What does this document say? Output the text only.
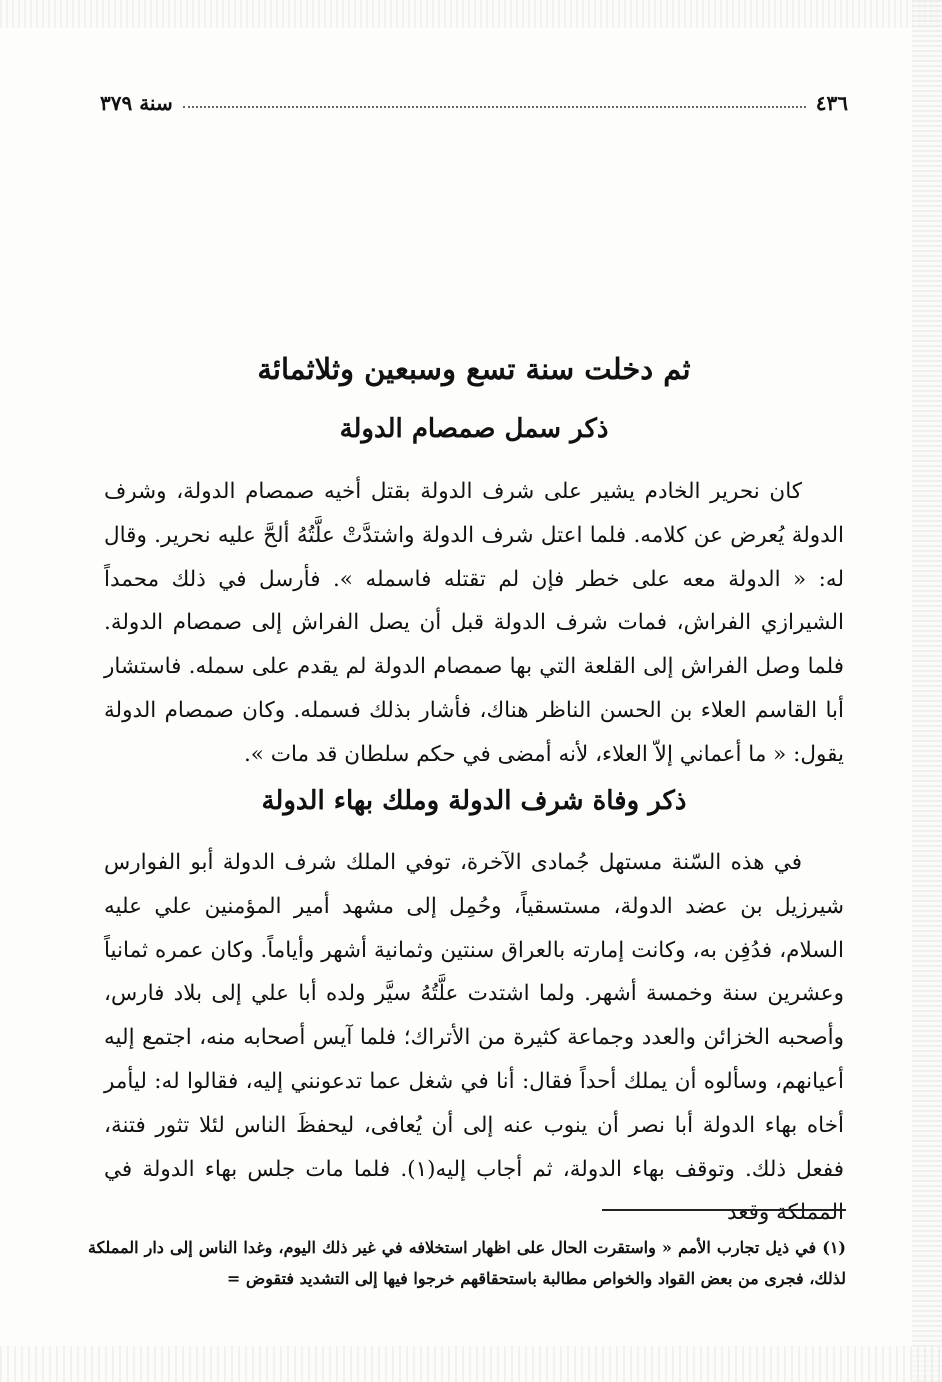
٤٣٦
سنة ٣٧٩
ثم دخلت سنة تسع وسبعين وثلاثمائة
ذكر سمل صمصام الدولة

كان نحرير الخادم يشير على شرف الدولة بقتل أخيه صمصام الدولة، وشرف الدولة يُعرض عن كلامه. فلما اعتل شرف الدولة واشتدَّتْ علَّتُهُ ألحَّ عليه نحرير. وقال له: « الدولة معه على خطر فإن لم تقتله فاسمله ». فأرسل في ذلك محمداً الشيرازي الفراش، فمات شرف الدولة قبل أن يصل الفراش إلى صمصام الدولة. فلما وصل الفراش إلى القلعة التي بها صمصام الدولة لم يقدم على سمله. فاستشار أبا القاسم العلاء بن الحسن الناظر هناك، فأشار بذلك فسمله. وكان صمصام الدولة يقول: « ما أعماني إلاّ العلاء، لأنه أمضى في حكم سلطان قد مات ».

ذكر وفاة شرف الدولة وملك بهاء الدولة

في هذه السّنة مستهل جُمادى الآخرة، توفي الملك شرف الدولة أبو الفوارس شيرزيل بن عضد الدولة، مستسقياً، وحُمِل إلى مشهد أمير المؤمنين علي عليه السلام، فدُفِن به، وكانت إمارته بالعراق سنتين وثمانية أشهر وأياماً. وكان عمره ثمانياً وعشرين سنة وخمسة أشهر. ولما اشتدت علَّتُهُ سيَّر ولده أبا علي إلى بلاد فارس، وأصحبه الخزائن والعدد وجماعة كثيرة من الأتراك؛ فلما آيس أصحابه منه، اجتمع إليه أعيانهم، وسألوه أن يملك أحداً فقال: أنا في شغل عما تدعونني إليه، فقالوا له: ليأمر أخاه بهاء الدولة أبا نصر أن ينوب عنه إلى أن يُعافى، ليحفظَ الناس لئلا تثور فتنة، ففعل ذلك. وتوقف بهاء الدولة، ثم أجاب إليه(١). فلما مات جلس بهاء الدولة في المملكة وقعد

(١) في ذيل تجارب الأمم « واستقرت الحال على اظهار استخلافه في غير ذلك اليوم، وغدا الناس إلى دار المملكة لذلك، فجرى من بعض القواد والخواص مطالبة باستحقاقهم خرجوا فيها إلى التشديد فتقوض =
